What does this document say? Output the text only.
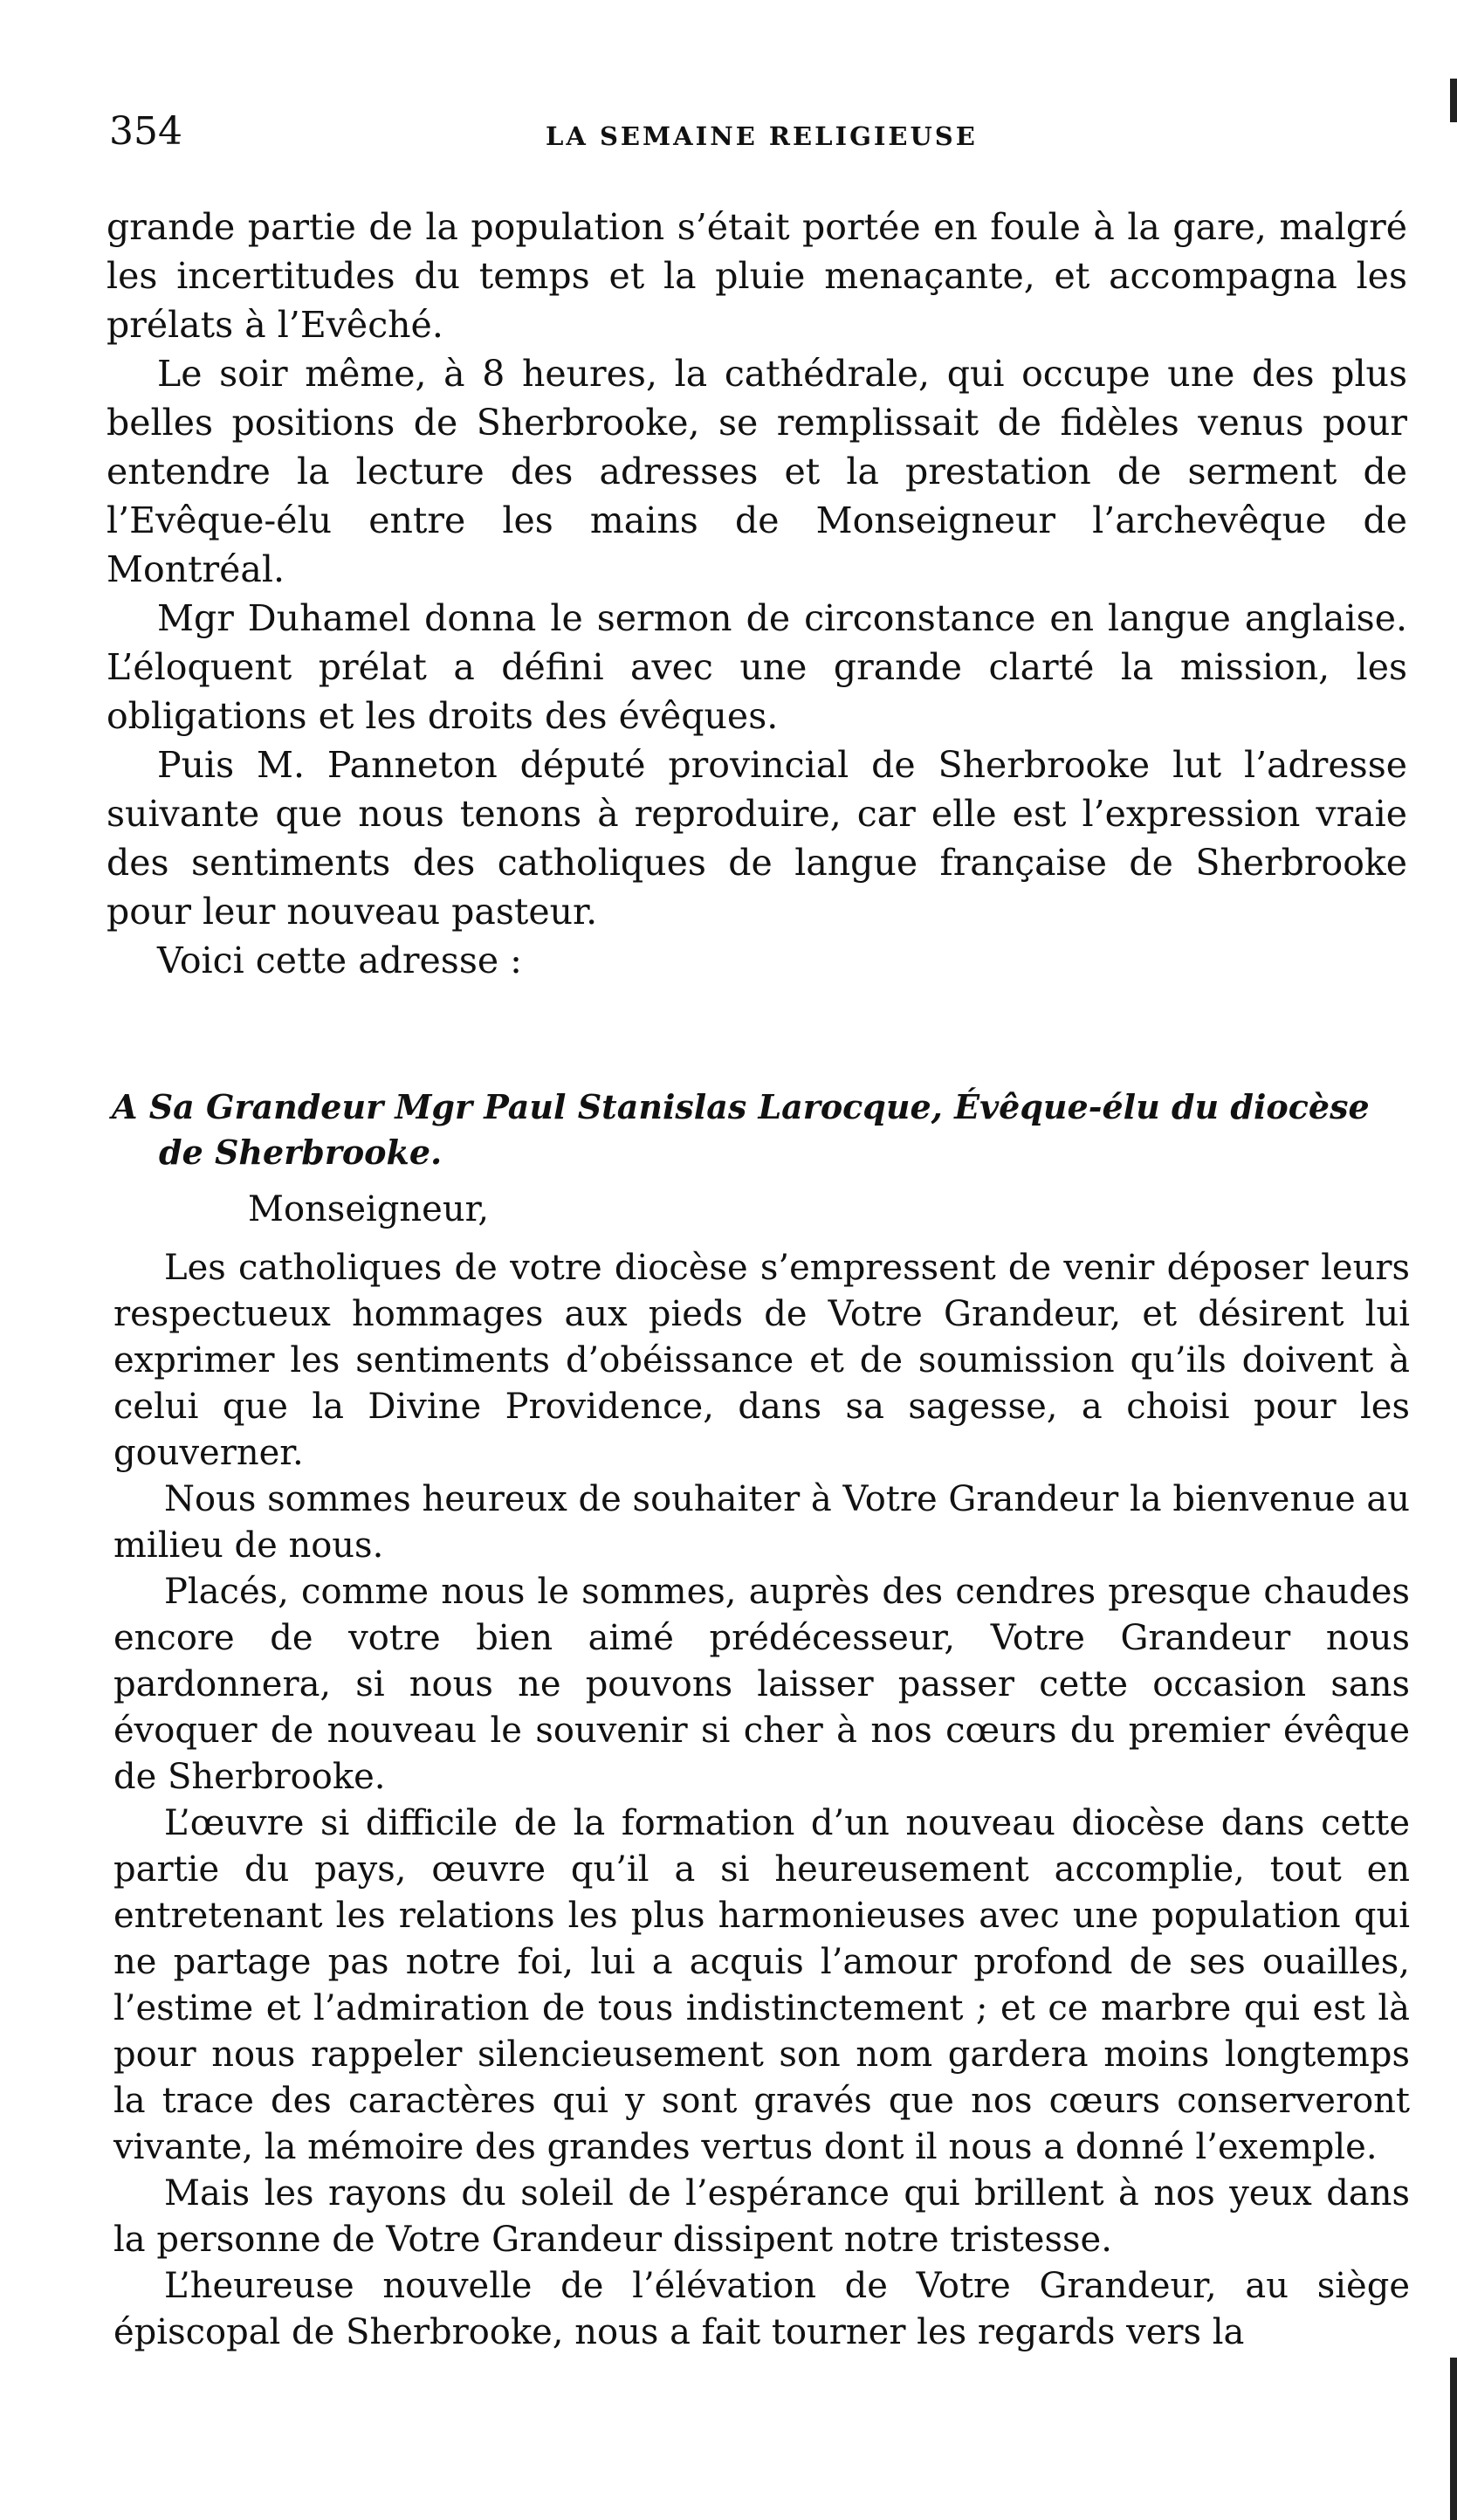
354	LA SEMAINE RELIGIEUSE

grande partie de la population s’était portée en foule à la gare, malgré les incertitudes du temps et la pluie menaçante, et accompagna les prélats à l’Evêché.

Le soir même, à 8 heures, la cathédrale, qui occupe une des plus belles positions de Sherbrooke, se remplissait de fidèles venus pour entendre la lecture des adresses et la prestation de serment de l’Evêque-élu entre les mains de Monseigneur l’archevêque de Montréal.

Mgr Duhamel donna le sermon de circonstance en langue anglaise. L’éloquent prélat a défini avec une grande clarté la mission, les obligations et les droits des évêques.

Puis M. Panneton député provincial de Sherbrooke lut l’adresse suivante que nous tenons à reproduire, car elle est l’expression vraie des sentiments des catholiques de langue française de Sherbrooke pour leur nouveau pasteur.

Voici cette adresse :

A Sa Grandeur Mgr Paul Stanislas Larocque, Évêque-élu du diocèse
de Sherbrooke.
Monseigneur,

Les catholiques de votre diocèse s’empressent de venir déposer leurs respectueux hommages aux pieds de Votre Grandeur, et désirent lui exprimer les sentiments d’obéissance et de soumission qu’ils doivent à celui que la Divine Providence, dans sa sagesse, a choisi pour les gouverner.

Nous sommes heureux de souhaiter à Votre Grandeur la bienvenue au milieu de nous.

Placés, comme nous le sommes, auprès des cendres presque chaudes encore de votre bien aimé prédécesseur, Votre Grandeur nous pardonnera, si nous ne pouvons laisser passer cette occasion sans évoquer de nouveau le souvenir si cher à nos cœurs du premier évêque de Sherbrooke.

L’œuvre si difficile de la formation d’un nouveau diocèse dans cette partie du pays, œuvre qu’il a si heureusement accomplie, tout en entretenant les relations les plus harmonieuses avec une population qui ne partage pas notre foi, lui a acquis l’amour profond de ses ouailles, l’estime et l’admiration de tous indistinctement ; et ce marbre qui est là pour nous rappeler silencieusement son nom gardera moins longtemps la trace des caractères qui y sont gravés que nos cœurs conserveront vivante, la mémoire des grandes vertus dont il nous a donné l’exemple.

Mais les rayons du soleil de l’espérance qui brillent à nos yeux dans la personne de Votre Grandeur dissipent notre tristesse.

L’heureuse nouvelle de l’élévation de Votre Grandeur, au siège épiscopal de Sherbrooke, nous a fait tourner les regards vers la
